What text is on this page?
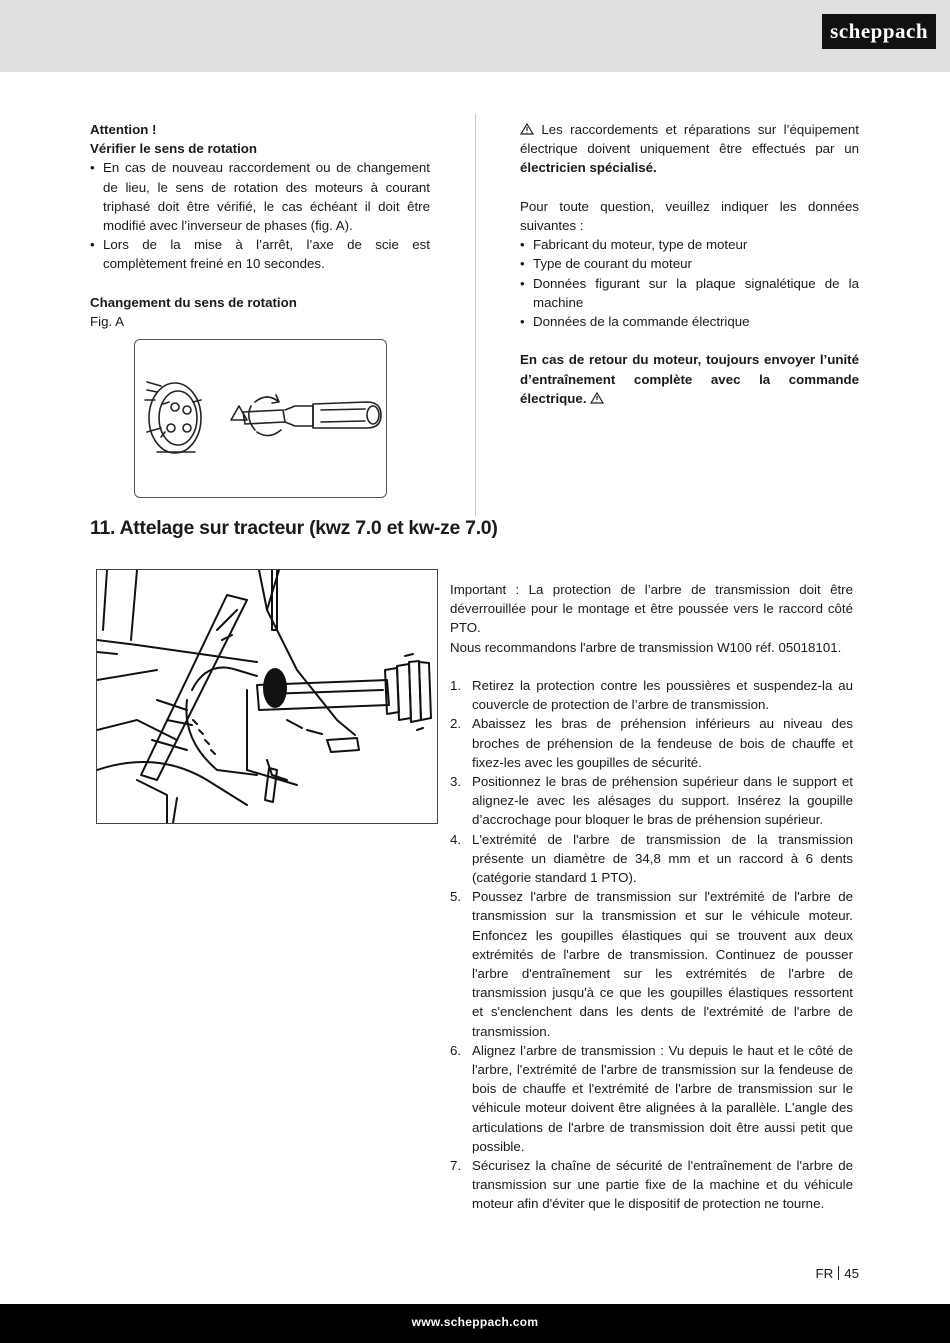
scheppach

Attention !

Vérifier le sens de rotation

• En cas de nouveau raccordement ou de changement de lieu, le sens de rotation des moteurs à courant triphasé doit être vérifié, le cas échéant il doit être modifié avec l’inverseur de phases (fig. A).
• Lors de la mise à l’arrêt, l’axe de scie est complètement freiné en 10 secondes.

Changement du sens de rotation

Fig. A

Les raccordements et réparations sur l’équipement électrique doivent uniquement être effectués par un électricien spécialisé.

Pour toute question, veuillez indiquer les données suivantes :

• Fabricant du moteur, type de moteur
• Type de courant du moteur
• Données figurant sur la plaque signalétique de la machine
• Données de la commande électrique

En cas de retour du moteur, toujours envoyer l’unité d’entraînement complète avec la commande électrique.

11. Attelage sur tracteur (kwz 7.0 et kw-ze 7.0)

Important : La protection de l’arbre de transmission doit être déverrouillée pour le montage et être poussée vers le raccord côté PTO.

Nous recommandons l'arbre de transmission W100 réf. 05018101.

1. Retirez la protection contre les poussières et suspendez-la au couvercle de protection de l’arbre de transmission.
2. Abaissez les bras de préhension inférieurs au niveau des broches de préhension de la fendeuse de bois de chauffe et fixez-les avec les goupilles de sécurité.
3. Positionnez le bras de préhension supérieur dans le support et alignez-le avec les alésages du support. Insérez la goupille d’accrochage pour bloquer le bras de préhension supérieur.
4. L'extrémité de l'arbre de transmission de la transmission présente un diamètre de 34,8 mm et un raccord à 6 dents (catégorie standard 1 PTO).
5. Poussez l'arbre de transmission sur l'extrémité de l'arbre de transmission sur la transmission et sur le véhicule moteur. Enfoncez les goupilles élastiques qui se trouvent aux deux extrémités de l'arbre de transmission. Continuez de pousser l'arbre d'entraînement sur les extrémités de l'arbre de transmission jusqu'à ce que les goupilles élastiques ressortent et s'enclenchent dans les dents de l'extrémité de l'arbre de transmission.
6. Alignez l’arbre de transmission : Vu depuis le haut et le côté de l'arbre, l'extrémité de l'arbre de transmission sur la fendeuse de bois de chauffe et l'extrémité de l'arbre de transmission sur le véhicule moteur doivent être alignées à la parallèle. L'angle des articulations de l'arbre de transmission doit être aussi petit que possible.
7. Sécurisez la chaîne de sécurité de l'entraînement de l'arbre de transmission sur une partie fixe de la machine et du véhicule moteur afin d'éviter que le dispositif de protection ne tourne.
FR 45
www.scheppach.com
